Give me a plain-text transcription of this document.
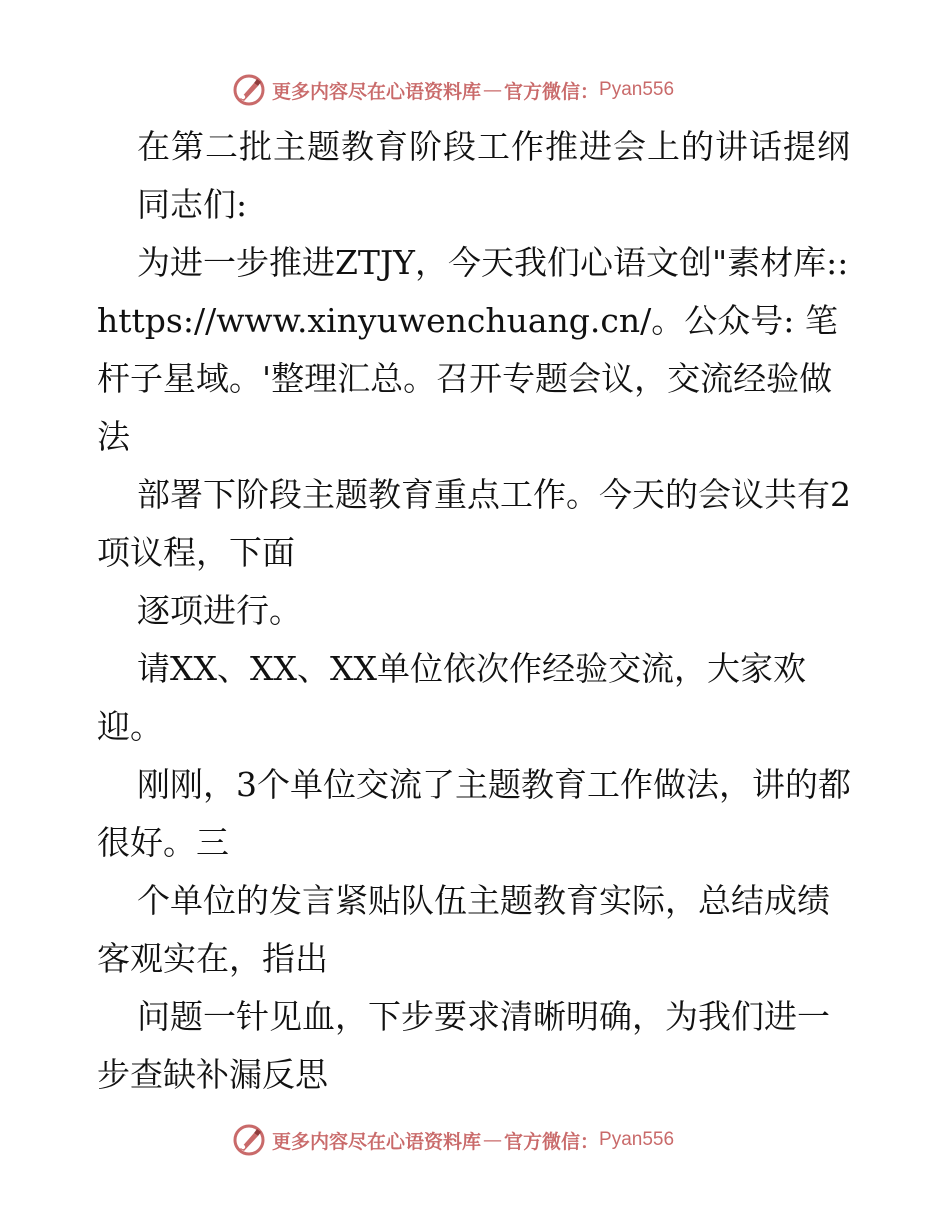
更多内容尽在心语资料库 — 官方微信： Pyan556

在第二批主题教育阶段工作推进会上的讲话提纲

同志们:

为进一步推进ZTJY，今天我们心语文创"素材库:: https://www.xinyuwenchuang.cn/。公众号: 笔杆子星域。'整理汇总。召开专题会议，交流经验做法

部署下阶段主题教育重点工作。今天的会议共有2项议程，下面

逐项进行。

请XX、XX、XX单位依次作经验交流，大家欢迎。

刚刚，3个单位交流了主题教育工作做法，讲的都很好。三

个单位的发言紧贴队伍主题教育实际，总结成绩客观实在，指出

问题一针见血，下步要求清晰明确，为我们进一步查缺补漏反思

更多内容尽在心语资料库 — 官方微信： Pyan556
